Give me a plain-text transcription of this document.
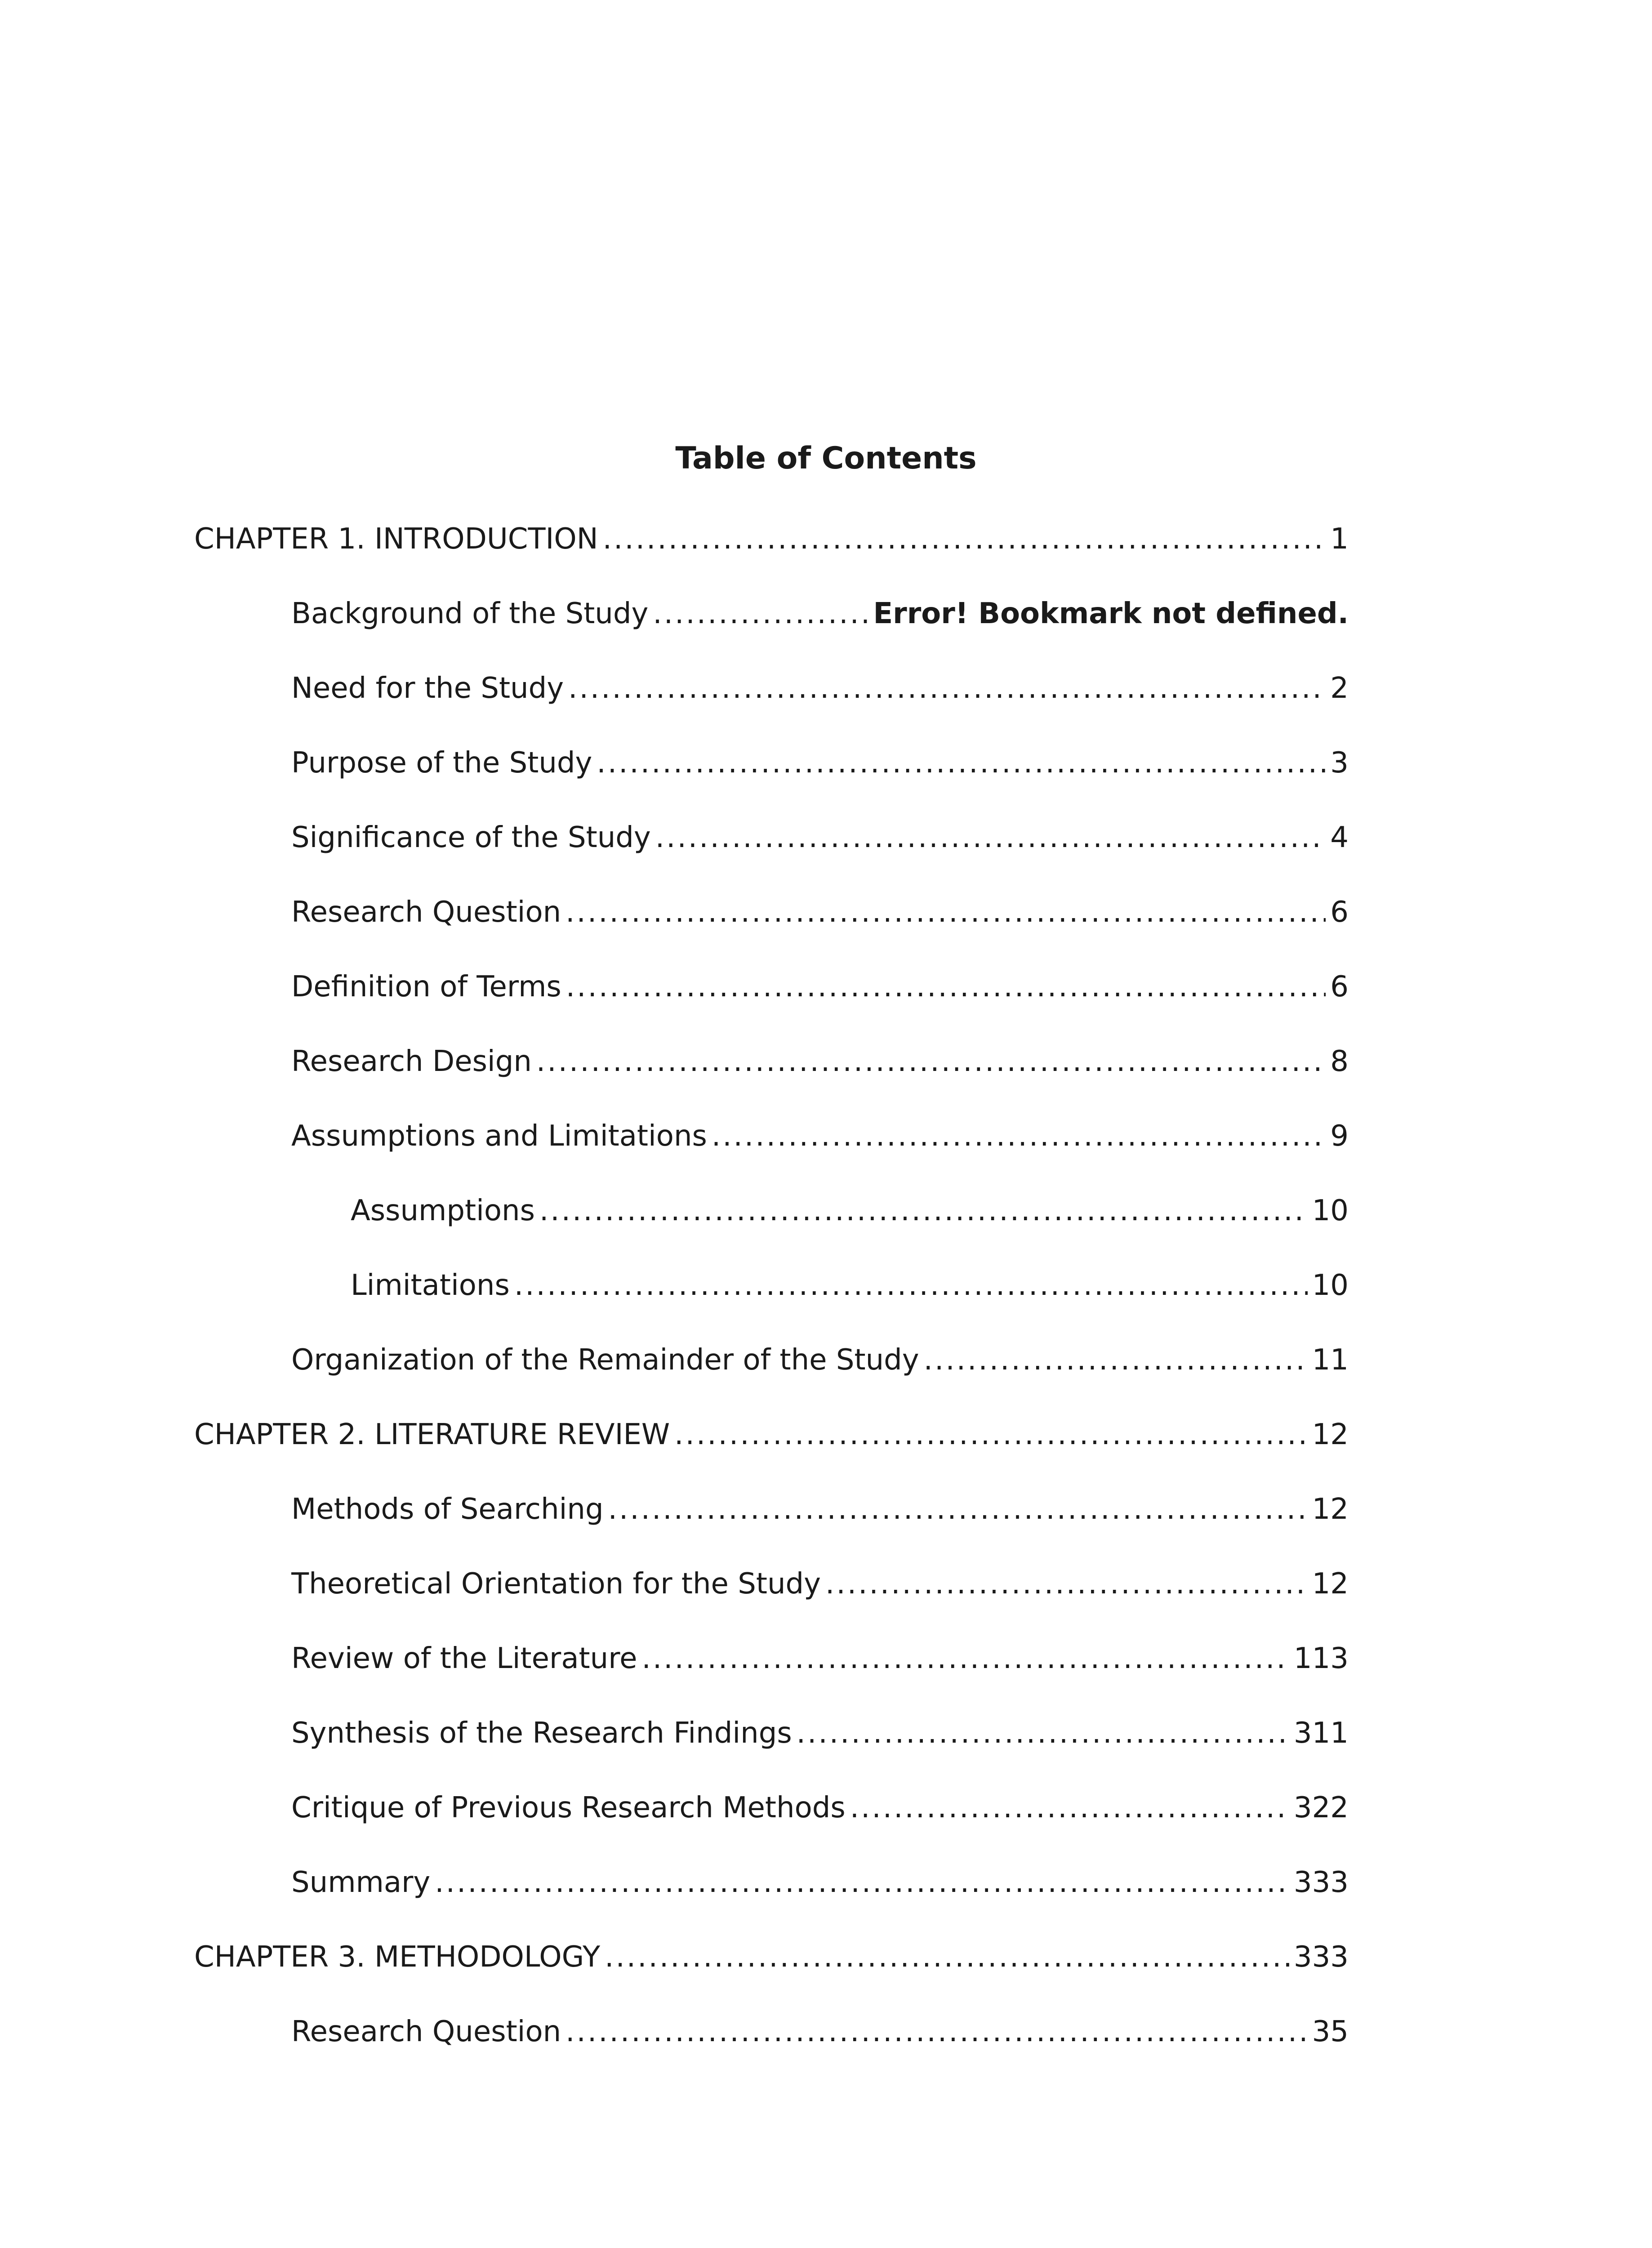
Table of Contents
CHAPTER 1. INTRODUCTION .....	1
Background of the Study .....	Error! Bookmark not defined.
Need for the Study .....	2
Purpose of the Study .....	3
Significance of the Study .....	4
Research Question .....	6
Definition of Terms .....	6
Research Design .....	8
Assumptions and Limitations .....	9
Assumptions .....	10
Limitations .....	10
Organization of the Remainder of the Study .....	11
CHAPTER 2. LITERATURE REVIEW .....	12
Methods of Searching .....	12
Theoretical Orientation for the Study .....	12
Review of the Literature .....	113
Synthesis of the Research Findings .....	311
Critique of Previous Research Methods .....	322
Summary .....	333
CHAPTER 3. METHODOLOGY .....	333
Research Question .....	35
